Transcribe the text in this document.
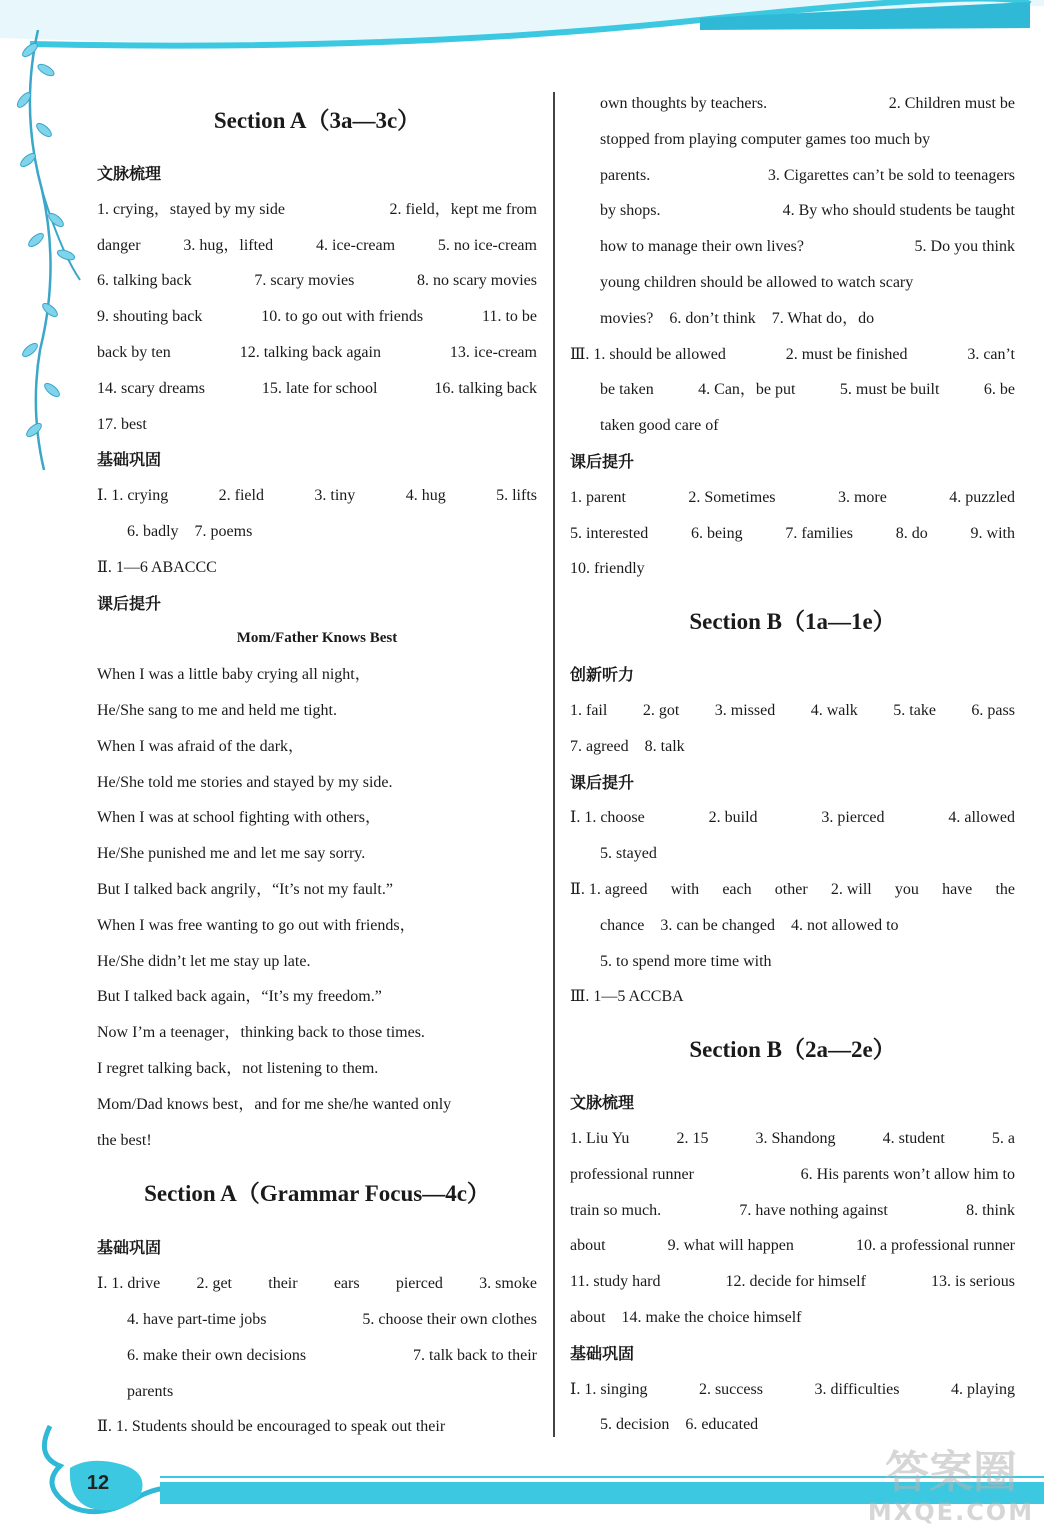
Section A（3a—3c）
文脉梳理
1. crying，stayed by my side	2. field，kept me from
danger	3. hug，lifted	4. ice-cream	5. no ice-cream
6. talking back	7. scary movies	8. no scary movies
9. shouting back	10. to go out with friends	11. to be
back by ten	12. talking back again	13. ice-cream
14. scary dreams	15. late for school	16. talking back
17. best
基础巩固
Ⅰ. 1. crying	2. field	3. tiny	4. hug	5. lifts
6. badly 7. poems
Ⅱ. 1—6 ABACCC
课后提升
Mom/Father Knows Best
When I was a little baby crying all night，
He/She sang to me and held me tight.
When I was afraid of the dark，
He/She told me stories and stayed by my side.
When I was at school fighting with others，
He/She punished me and let me say sorry.
But I talked back angrily，“It’s not my fault.”
When I was free wanting to go out with friends，
He/She didn’t let me stay up late.
But I talked back again，“It’s my freedom.”
Now I’m a teenager，thinking back to those times.
I regret talking back，not listening to them.
Mom/Dad knows best，and for me she/he wanted only
the best!
Section A（Grammar Focus—4c）
基础巩固
Ⅰ. 1. drive 2. get their ears pierced 3. smoke
4. have part-time jobs	5. choose their own clothes
6. make their own decisions	7. talk back to their
parents
Ⅱ. 1. Students should be encouraged to speak out their
own thoughts by teachers.	2. Children must be
stopped from playing computer games too much by
parents.	3. Cigarettes can’t be sold to teenagers
by shops.	4. By who should students be taught
how to manage their own lives?	5. Do you think
young children should be allowed to watch scary
movies? 6. don’t think 7. What do，do
Ⅲ. 1. should be allowed	2. must be finished	3. can’t
be taken	4. Can，be put	5. must be built	6. be
taken good care of
课后提升
1. parent	2. Sometimes	3. more	4. puzzled
5. interested	6. being	7. families	8. do	9. with
10. friendly
Section B（1a—1e）
创新听力
1. fail 2. got 3. missed 4. walk 5. take 6. pass
7. agreed 8. talk
课后提升
Ⅰ. 1. choose	2. build	3. pierced	4. allowed
5. stayed
Ⅱ. 1. agreed with each other 2. will you have the
chance 3. can be changed 4. not allowed to
5. to spend more time with
Ⅲ. 1—5 ACCBA
Section B（2a—2e）
文脉梳理
1. Liu Yu	2. 15	3. Shandong	4. student	5. a
professional runner	6. His parents won’t allow him to
train so much.	7. have nothing against	8. think
about	9. what will happen	10. a professional runner
11. study hard	12. decide for himself	13. is serious
about 14. make the choice himself
基础巩固
Ⅰ. 1. singing	2. success	3. difficulties	4. playing
5. decision 6. educated
12	答案圈
MXQE.COM
